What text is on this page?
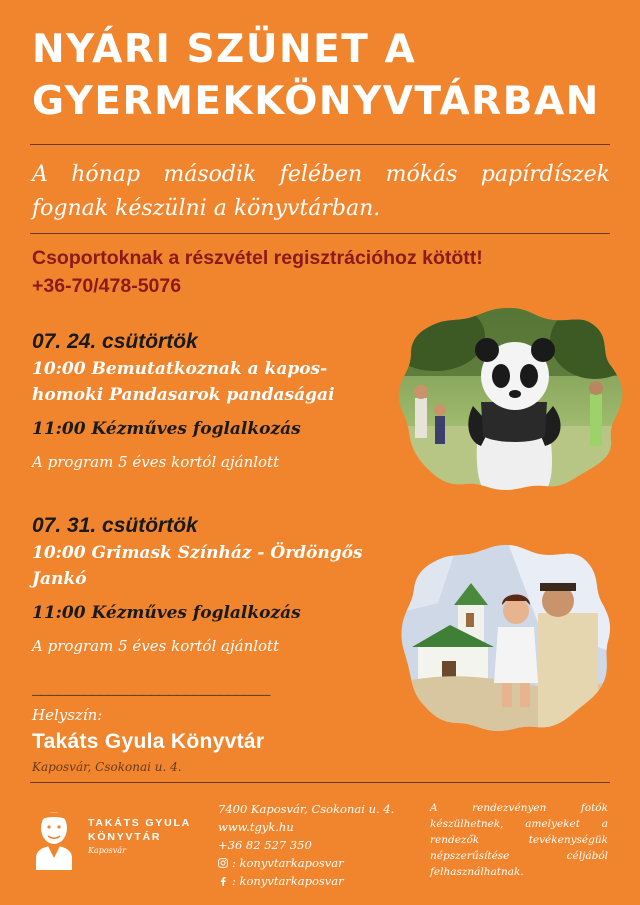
NYÁRI SZÜNET A
GYERMEKKÖNYVTÁRBAN
A hónap második felében mókás papírdíszek fognak készülni a könyvtárban.
Csoportoknak a részvétel regisztrációhoz kötött!
+36-70/478-5076
07. 24. csütörtök
10:00 Bemutatkoznak a kapos-homoki Pandasarok pandaságai
11:00 Kézműves foglalkozás
A program 5 éves kortól ajánlott
07. 31. csütörtök
10:00 Grimask Színház - Ördöngős Jankó
11:00 Kézműves foglalkozás
A program 5 éves kortól ajánlott
____________________________
Helyszín:
Takáts Gyula Könyvtár
Kaposvár, Csokonai u. 4.
TAKÁTS GYULA
KÖNYVTÁR
Kaposvár
7400 Kaposvár, Csokonai u. 4.
www.tgyk.hu
+36 82 527 350
: konyvtarkaposvar
: konyvtarkaposvar
A rendezvényen fotók készülhetnek, amelyeket a rendezők tevékenységük népszerűsítése céljából felhasználhatnak.
